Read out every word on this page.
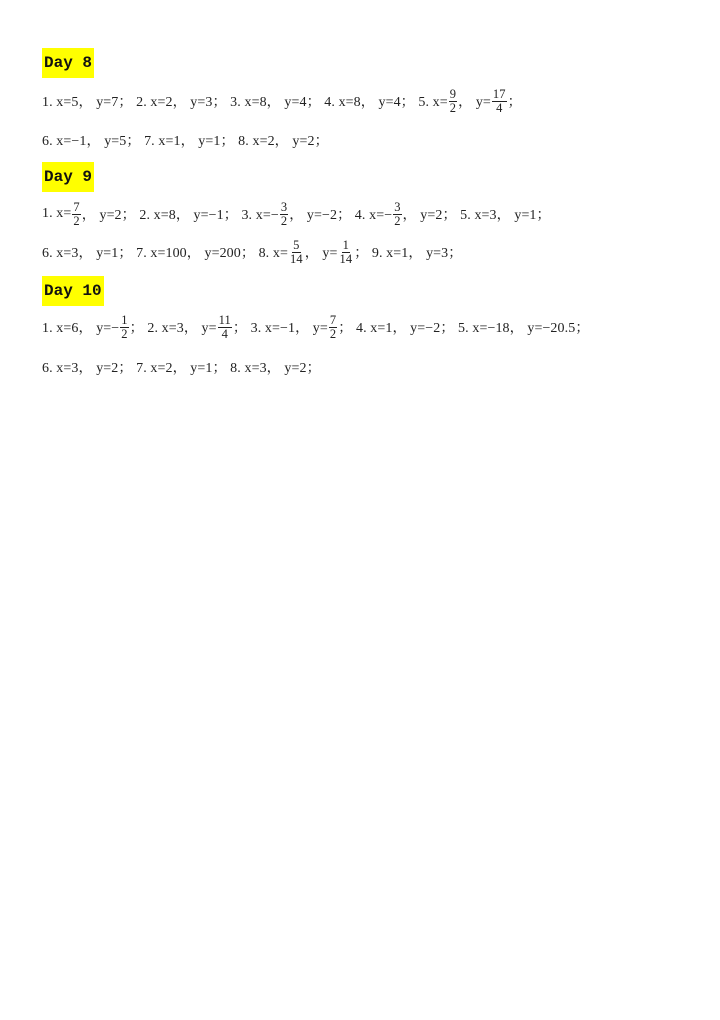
Day 8
1. x=5， y=7； 2. x=2， y=3； 3. x=8， y=4； 4. x=8， y=4； 5. $x= \frac{9}{2}$ ， $y= \frac{17}{4}$ ；
6. x=−1， y=5； 7. x=1， y=1； 8. x=2， y=2；
Day 9
1. $x= \frac{7}{2}$ ， y=2； 2. x=8， y=−1； 3. $x=- \frac{3}{2}$ ， y=−2； 4. $x=- \frac{3}{2}$ ， y=2； 5. x=3， y=1；
6. x=3， y=1； 7. x=100， y=200； 8. $x= \frac{5}{14}$ ， $y= \frac{1}{14}$ ； 9. x=1， y=3；
Day 10
1. x=6， $y=- \frac{1}{2}$ ； 2. x=3， $y= \frac{11}{4}$ ； 3. x=−1， $y= \frac{7}{2}$ ； 4. x=1， y=−2； 5. x=−18， y=−20.5；
6. x=3， y=2； 7. x=2， y=1； 8. x=3， y=2；
